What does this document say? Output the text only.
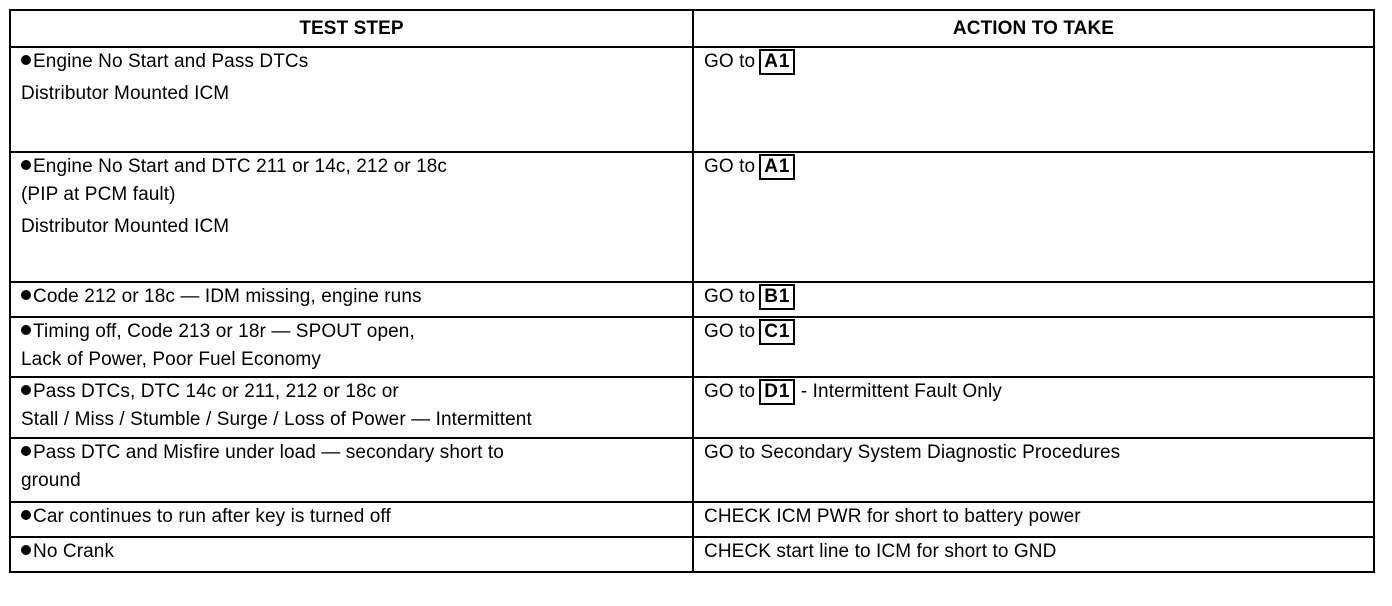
TEST STEP	ACTION TO TAKE

Engine No Start and Pass DTCs
Distributor Mounted ICM	GO to A1

Engine No Start and DTC 211 or 14c, 212 or 18c
(PIP at PCM fault)
Distributor Mounted ICM	GO to A1

Code 212 or 18c — IDM missing, engine runs	GO to B1

Timing off, Code 213 or 18r — SPOUT open,
Lack of Power, Poor Fuel Economy	GO to C1

Pass DTCs, DTC 14c or 211, 212 or 18c or
Stall / Miss / Stumble / Surge / Loss of Power — Intermittent	GO to D1 - Intermittent Fault Only

Pass DTC and Misfire under load — secondary short to
ground	GO to Secondary System Diagnostic Procedures

Car continues to run after key is turned off	CHECK ICM PWR for short to battery power

No Crank	CHECK start line to ICM for short to GND
